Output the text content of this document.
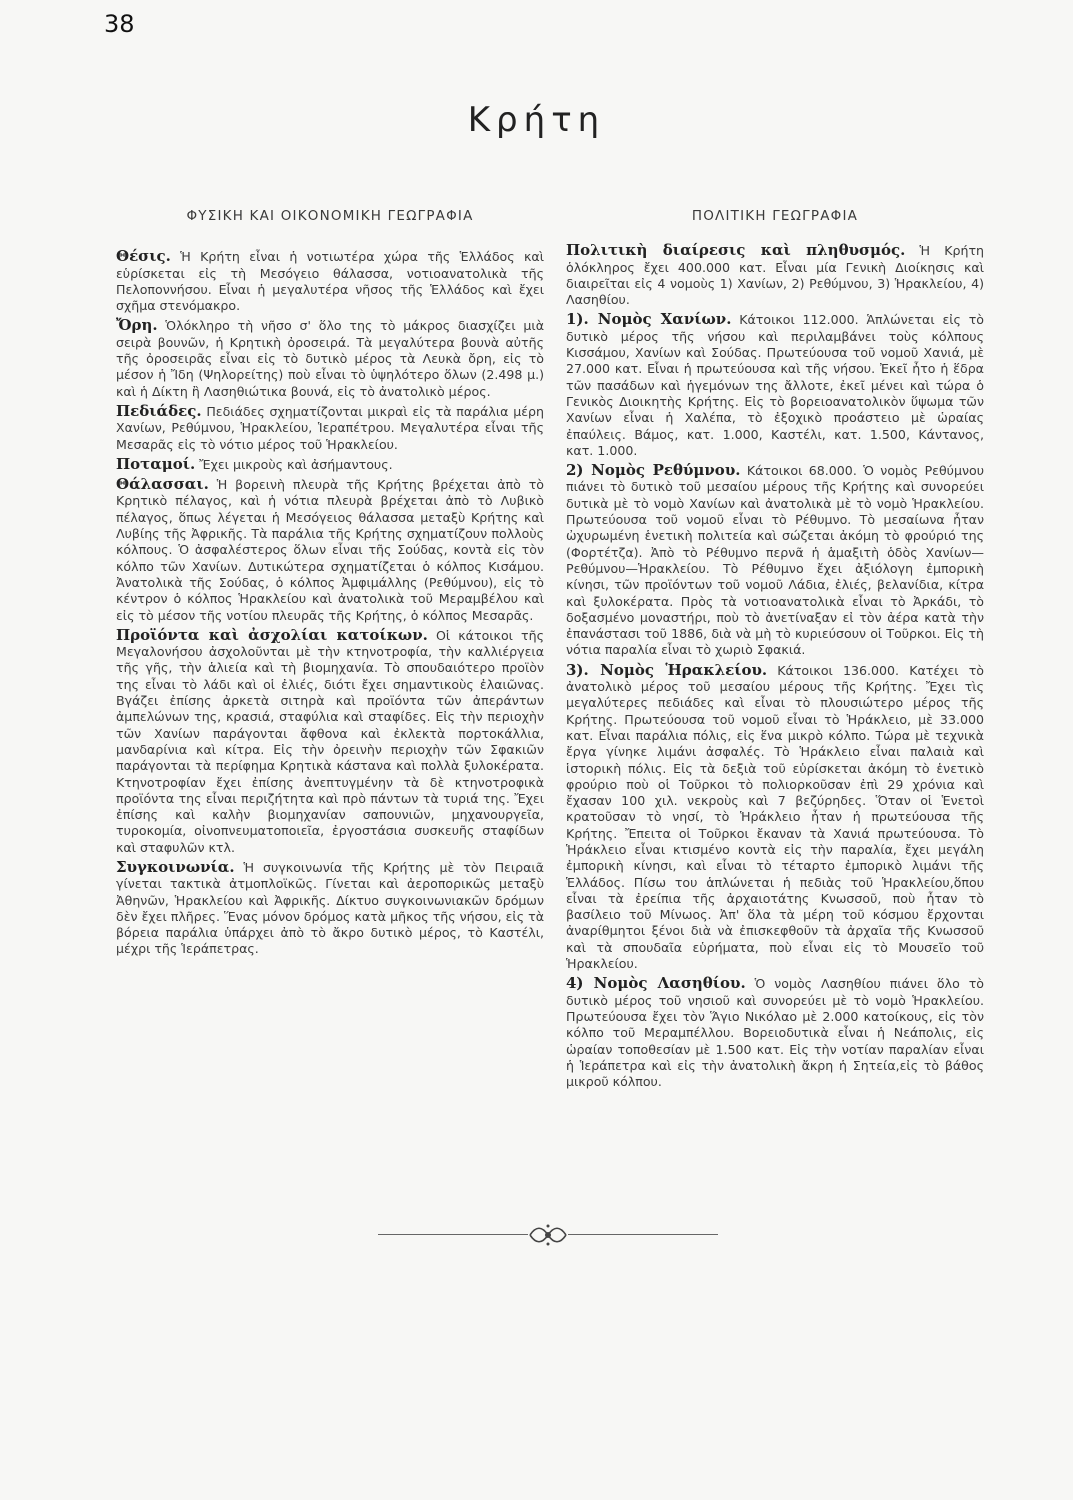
38
Κρήτη
ΦΥΣΙΚΗ ΚΑΙ ΟΙΚΟΝΟΜΙΚΗ ΓΕΩΓΡΑΦΙΑ

Θέσις. Ἡ Κρήτη εἶναι ἡ νοτιωτέρα χώρα τῆς Ἑλλάδος καὶ εὑρίσκεται εἰς τὴ Μεσόγειο θάλασσα, νοτιοανατολικὰ τῆς Πελοποννήσου. Εἶναι ἡ μεγαλυτέρα νῆσος τῆς Ἑλλάδος καὶ ἔχει σχῆμα στενόμακρο.

Ὄρη. Ὁλόκληρο τὴ νῆσο σ' ὅλο της τὸ μάκρος διασχίζει μιὰ σειρὰ βουνῶν, ἡ Κρητικὴ ὀροσειρά. Τὰ μεγαλύτερα βουνὰ αὐτῆς τῆς ὀροσειρᾶς εἶναι εἰς τὸ δυτικὸ μέρος τὰ Λευκὰ ὄρη, εἰς τὸ μέσον ἡ Ἴδη (Ψηλορείτης) ποὺ εἶναι τὸ ὑψηλότερο ὅλων (2.498 μ.) καὶ ἡ Δίκτη ἢ Λασηθιώτικα βουνά, εἰς τὸ ἀνατολικὸ μέρος.

Πεδιάδες. Πεδιάδες σχηματίζονται μικραὶ εἰς τὰ παράλια μέρη Χανίων, Ρεθύμνου, Ἡρακλείου, Ἱεραπέτρου. Μεγαλυτέρα εἶναι τῆς Μεσαρᾶς εἰς τὸ νότιο μέρος τοῦ Ἡρακλείου.

Ποταμοί. Ἔχει μικροὺς καὶ ἀσήμαντους.

Θάλασσαι. Ἡ βορεινὴ πλευρὰ τῆς Κρήτης βρέχεται ἀπὸ τὸ Κρητικὸ πέλαγος, καὶ ἡ νότια πλευρὰ βρέχεται ἀπὸ τὸ Λυβικὸ πέλαγος, ὅπως λέγεται ἡ Μεσόγειος θάλασσα μεταξὺ Κρήτης καὶ Λυβίης τῆς Ἀφρικῆς. Τὰ παράλια τῆς Κρήτης σχηματίζουν πολλοὺς κόλπους. Ὁ ἀσφαλέστερος ὅλων εἶναι τῆς Σούδας, κοντὰ εἰς τὸν κόλπο τῶν Χανίων. Δυτικώτερα σχηματίζεται ὁ κόλπος Κισάμου. Ἀνατολικὰ τῆς Σούδας, ὁ κόλπος Ἀμφιμάλλης (Ρεθύμνου), εἰς τὸ κέντρον ὁ κόλπος Ἡρακλείου καὶ ἀνατολικὰ τοῦ Μεραμβέλου καὶ εἰς τὸ μέσον τῆς νοτίου πλευρᾶς τῆς Κρήτης, ὁ κόλπος Μεσαρᾶς.

Προϊόντα καὶ ἀσχολίαι κατοίκων. Οἱ κάτοικοι τῆς Μεγαλονήσου ἀσχολοῦνται μὲ τὴν κτηνοτροφία, τὴν καλλιέργεια τῆς γῆς, τὴν ἁλιεία καὶ τὴ βιομηχανία. Τὸ σπουδαιότερο προϊὸν της εἶναι τὸ λάδι καὶ οἱ ἐλιές, διότι ἔχει σημαντικοὺς ἐλαιῶνας. Βγάζει ἐπίσης ἀρκετὰ σιτηρὰ καὶ προϊόντα τῶν ἀπεράντων ἀμπελώνων της, κρασιά, σταφύλια καὶ σταφίδες. Εἰς τὴν περιοχὴν τῶν Χανίων παράγονται ἄφθονα καὶ ἐκλεκτὰ πορτοκάλλια, μανδαρίνια καὶ κίτρα. Εἰς τὴν ὀρεινὴν περιοχὴν τῶν Σφακιῶν παράγονται τὰ περίφημα Κρητικὰ κάστανα καὶ πολλὰ ξυλοκέρατα. Κτηνοτροφίαν ἔχει ἐπίσης ἀνεπτυγμένην τὰ δὲ κτηνοτροφικὰ προϊόντα της εἶναι περιζήτητα καὶ πρὸ πάντων τὰ τυριά της. Ἔχει ἐπίσης καὶ καλὴν βιομηχανίαν σαπουνιῶν, μηχανουργεῖα, τυροκομία, οἰνοπνευματοποιεῖα, ἐργοστάσια συσκευῆς σταφίδων καὶ σταφυλῶν κτλ.

Συγκοινωνία. Ἡ συγκοινωνία τῆς Κρήτης μὲ τὸν Πειραιᾶ γίνεται τακτικὰ ἀτμοπλοϊκῶς. Γίνεται καὶ ἀεροπορικῶς μεταξὺ Ἀθηνῶν, Ἡρακλείου καὶ Ἀφρικῆς. Δίκτυο συγκοινωνιακῶν δρόμων δὲν ἔχει πλῆρες. Ἕνας μόνον δρόμος κατὰ μῆκος τῆς νήσου, εἰς τὰ βόρεια παράλια ὑπάρχει ἀπὸ τὸ ἄκρο δυτικὸ μέρος, τὸ Καστέλι, μέχρι τῆς Ἱεράπετρας.

ΠΟΛΙΤΙΚΗ ΓΕΩΓΡΑΦΙΑ

Πολιτικὴ διαίρεσις καὶ πληθυσμός. Ἡ Κρήτη ὁλόκληρος ἔχει 400.000 κατ. Εἶναι μία Γενικὴ Διοίκησις καὶ διαιρεῖται εἰς 4 νομοὺς 1) Χανίων, 2) Ρεθύμνου, 3) Ἡρακλείου, 4) Λασηθίου.

1). Νομὸς Χανίων. Κάτοικοι 112.000. Ἁπλώνεται εἰς τὸ δυτικὸ μέρος τῆς νήσου καὶ περιλαμβάνει τοὺς κόλπους Κισσάμου, Χανίων καὶ Σούδας. Πρωτεύουσα τοῦ νομοῦ Χανιά, μὲ 27.000 κατ. Εἶναι ἡ πρωτεύουσα καὶ τῆς νήσου. Ἐκεῖ ἦτο ἡ ἕδρα τῶν πασάδων καὶ ἡγεμόνων της ἄλλοτε, ἐκεῖ μένει καὶ τώρα ὁ Γενικὸς Διοικητὴς Κρήτης. Εἰς τὸ βορειοανατολικὸν ὕψωμα τῶν Χανίων εἶναι ἡ Χαλέπα, τὸ ἐξοχικὸ προάστειο μὲ ὡραίας ἐπαύλεις. Βάμος, κατ. 1.000, Καστέλι, κατ. 1.500, Κάντανος, κατ. 1.000.

2) Νομὸς Ρεθύμνου. Κάτοικοι 68.000. Ὁ νομὸς Ρεθύμνου πιάνει τὸ δυτικὸ τοῦ μεσαίου μέρους τῆς Κρήτης καὶ συνορεύει δυτικὰ μὲ τὸ νομὸ Χανίων καὶ ἀνατολικὰ μὲ τὸ νομὸ Ἡρακλείου. Πρωτεύουσα τοῦ νομοῦ εἶναι τὸ Ρέθυμνο. Τὸ μεσαίωνα ἦταν ὠχυρωμένη ἑνετικὴ πολιτεία καὶ σώζεται ἀκόμη τὸ φρούριό της (Φορτέτζα). Ἀπὸ τὸ Ρέθυμνο περνᾶ ἡ ἁμαξιτὴ ὁδὸς Χανίων—Ρεθύμνου—Ἡρακλείου. Τὸ Ρέθυμνο ἔχει ἀξιόλογη ἐμπορικὴ κίνησι, τῶν προϊόντων τοῦ νομοῦ Λάδια, ἐλιές, βελανίδια, κίτρα καὶ ξυλοκέρατα. Πρὸς τὰ νοτιοανατολικὰ εἶναι τὸ Ἀρκάδι, τὸ δοξασμένο μοναστήρι, ποὺ τὸ ἀνετίναξαν εἰ τὸν ἀέρα κατὰ τὴν ἐπανάστασι τοῦ 1886, διὰ νὰ μὴ τὸ κυριεύσουν οἱ Τοῦρκοι. Εἰς τὴ νότια παραλία εἶναι τὸ χωριὸ Σφακιά.

3). Νομὸς Ἡρακλείου. Κάτοικοι 136.000. Κατέχει τὸ ἀνατολικὸ μέρος τοῦ μεσαίου μέρους τῆς Κρήτης. Ἔχει τὶς μεγαλύτερες πεδιάδες καὶ εἶναι τὸ πλουσιώτερο μέρος τῆς Κρήτης. Πρωτεύουσα τοῦ νομοῦ εἶναι τὸ Ἡράκλειο, μὲ 33.000 κατ. Εἶναι παράλια πόλις, εἰς ἕνα μικρὸ κόλπο. Τώρα μὲ τεχνικὰ ἔργα γίνηκε λιμάνι ἀσφαλές. Τὸ Ἡράκλειο εἶναι παλαιὰ καὶ ἱστορικὴ πόλις. Εἰς τὰ δεξιὰ τοῦ εὑρίσκεται ἀκόμη τὸ ἑνετικὸ φρούριο ποὺ οἱ Τοῦρκοι τὸ πολιορκοῦσαν ἐπὶ 29 χρόνια καὶ ἔχασαν 100 χιλ. νεκροὺς καὶ 7 βεζύρηδες. Ὅταν οἱ Ἑνετοὶ κρατοῦσαν τὸ νησί, τὸ Ἡράκλειο ἦταν ἡ πρωτεύουσα τῆς Κρήτης. Ἔπειτα οἱ Τοῦρκοι ἔκαναν τὰ Χανιά πρωτεύουσα. Τὸ Ἡράκλειο εἶναι κτισμένο κοντὰ εἰς τὴν παραλία, ἔχει μεγάλη ἐμπορικὴ κίνησι, καὶ εἶναι τὸ τέταρτο ἐμπορικὸ λιμάνι τῆς Ἑλλάδος. Πίσω του ἁπλώνεται ἡ πεδιὰς τοῦ Ἡρακλείου,ὅπου εἶναι τὰ ἐρείπια τῆς ἀρχαιοτάτης Κνωσσοῦ, ποὺ ἦταν τὸ βασίλειο τοῦ Μίνωος. Ἀπ' ὅλα τὰ μέρη τοῦ κόσμου ἔρχονται ἀναρίθμητοι ξένοι διὰ νὰ ἐπισκεφθοῦν τὰ ἀρχαῖα τῆς Κνωσσοῦ καὶ τὰ σπουδαῖα εὑρήματα, ποὺ εἶναι εἰς τὸ Μουσεῖο τοῦ Ἡρακλείου.

4) Νομὸς Λασηθίου. Ὁ νομὸς Λασηθίου πιάνει ὅλο τὸ δυτικὸ μέρος τοῦ νησιοῦ καὶ συνορεύει μὲ τὸ νομὸ Ἡρακλείου. Πρωτεύουσα ἔχει τὸν Ἅγιο Νικόλαο μὲ 2.000 κατοίκους, εἰς τὸν κόλπο τοῦ Μεραμπέλλου. Βορειοδυτικὰ εἶναι ἡ Νεάπολις, εἰς ὡραίαν τοποθεσίαν μὲ 1.500 κατ. Εἰς τὴν νοτίαν παραλίαν εἶναι ἡ Ἱεράπετρα καὶ εἰς τὴν ἀνατολικὴ ἄκρη ἡ Σητεία,εἰς τὸ βάθος μικροῦ κόλπου.
